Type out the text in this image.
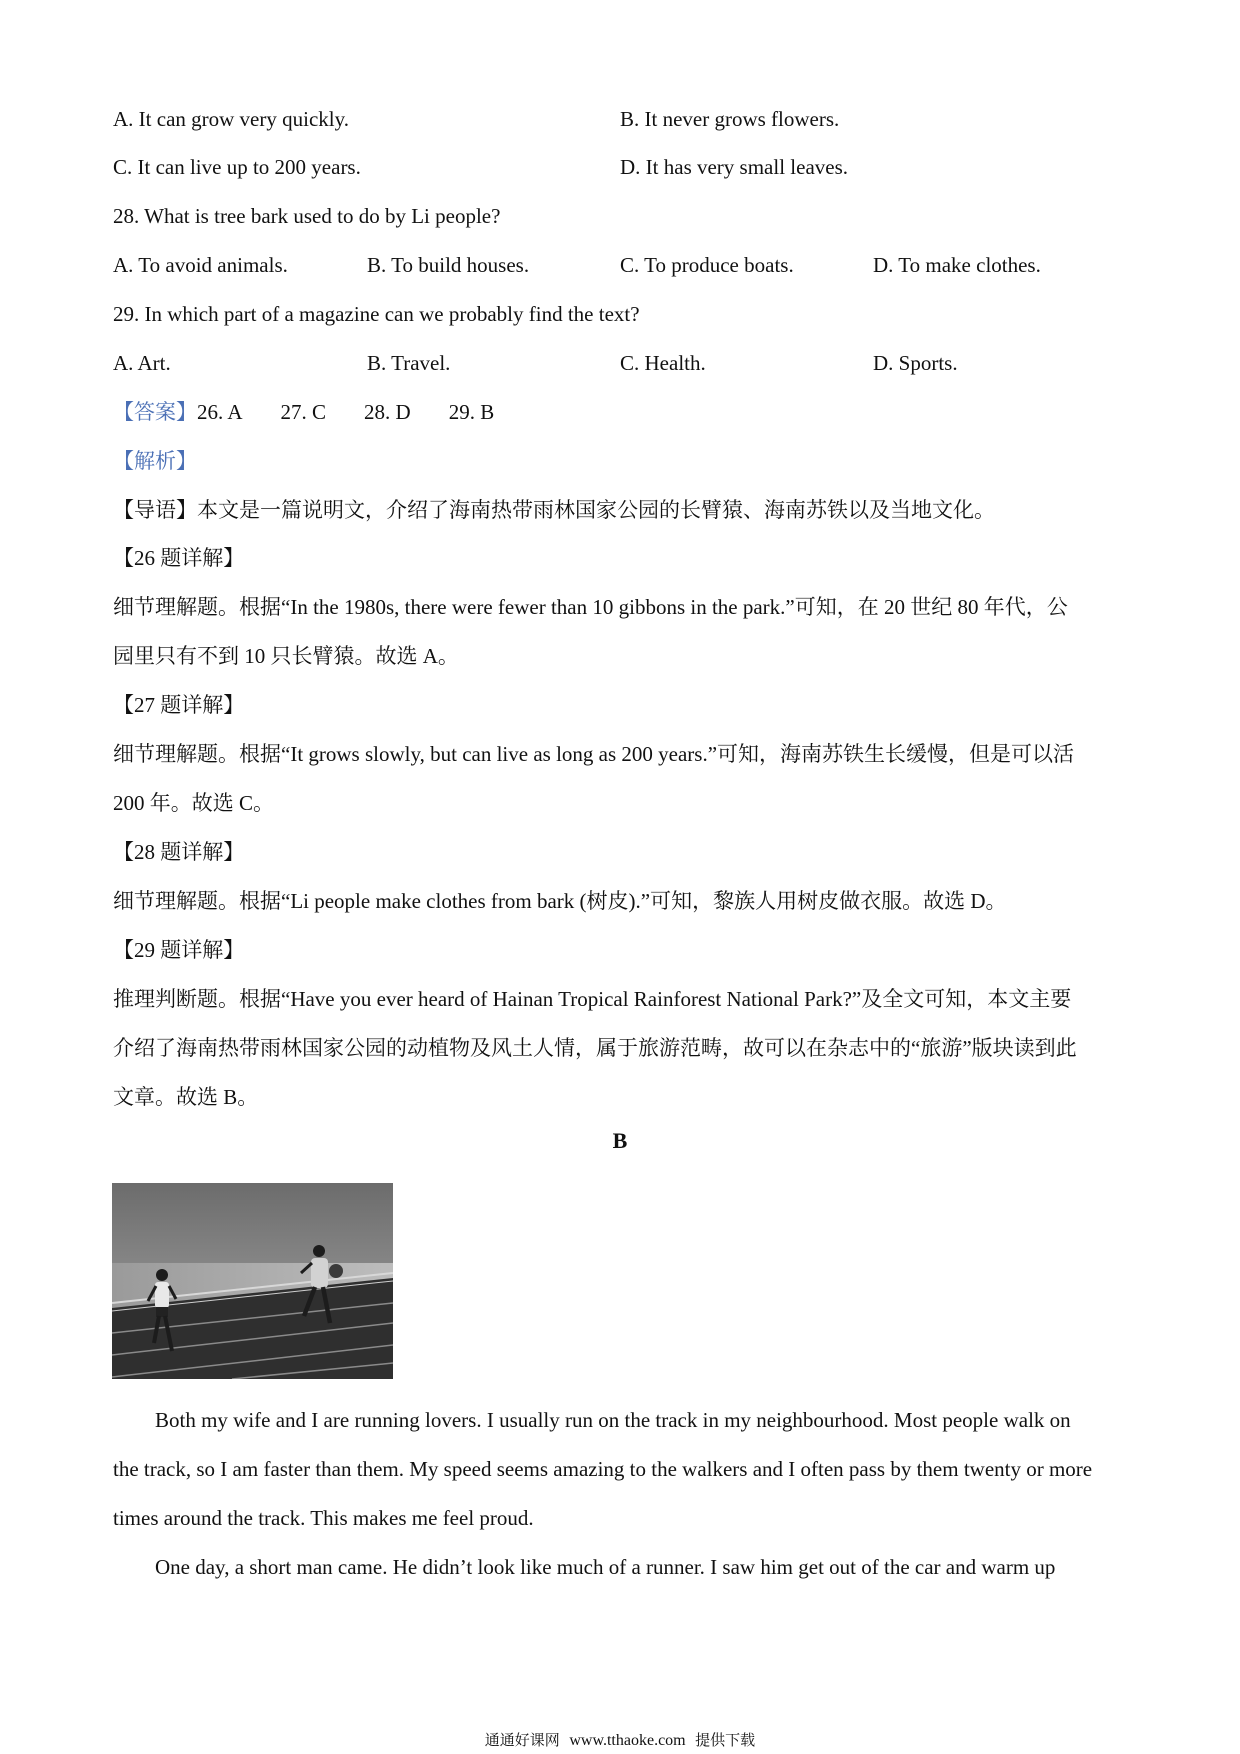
A. It can grow very quickly.	B. It never grows flowers.
C. It can live up to 200 years.	D. It has very small leaves.
28. What is tree bark used to do by Li people?
A. To avoid animals.	B. To build houses.	C. To produce boats.	D. To make clothes.
29. In which part of a magazine can we probably find the text?
A. Art.	B. Travel.	C. Health.	D. Sports.
【答案】26. A 27. C 28. D 29. B
【解析】
【导语】本文是一篇说明文，介绍了海南热带雨林国家公园的长臂猿、海南苏铁以及当地文化。
【26 题详解】
细节理解题。根据“In the 1980s, there were fewer than 10 gibbons in the park.”可知，在 20 世纪 80 年代，公
园里只有不到 10 只长臂猿。故选 A。
【27 题详解】
细节理解题。根据“It grows slowly, but can live as long as 200 years.”可知，海南苏铁生长缓慢，但是可以活
200 年。故选 C。
【28 题详解】
细节理解题。根据“Li people make clothes from bark (树皮).”可知，黎族人用树皮做衣服。故选 D。
【29 题详解】
推理判断题。根据“Have you ever heard of Hainan Tropical Rainforest National Park?”及全文可知，本文主要
介绍了海南热带雨林国家公园的动植物及风土人情，属于旅游范畴，故可以在杂志中的“旅游”版块读到此
文章。故选 B。
B
Both my wife and I are running lovers. I usually run on the track in my neighbourhood. Most people walk on
the track, so I am faster than them. My speed seems amazing to the walkers and I often pass by them twenty or more
times around the track. This makes me feel proud.
One day, a short man came. He didn’t look like much of a runner. I saw him get out of the car and warm up
通通好课网 www.tthaoke.com 提供下载
